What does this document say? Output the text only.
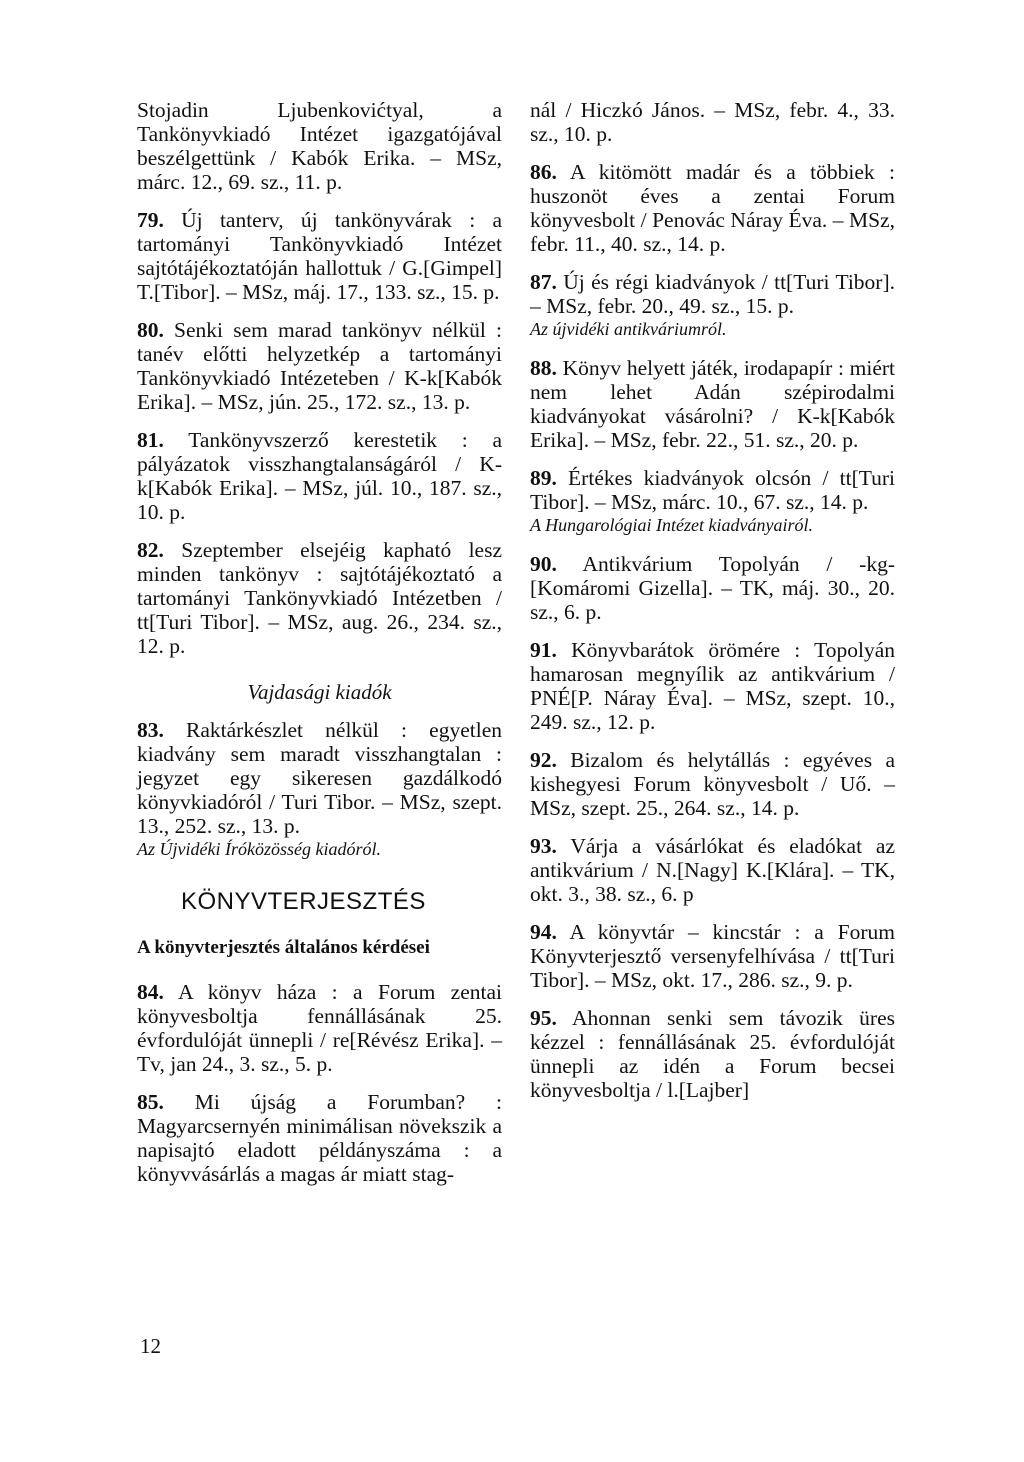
Stojadin Ljubenkovićtyal, a Tankönyvkiadó Intézet igazgatójával beszélgettünk / Kabók Erika. – MSz, márc. 12., 69. sz., 11. p.

79. Új tanterv, új tankönyvárak : a tartományi Tankönyvkiadó Intézet sajtótájékoztatóján hallottuk / G.[Gimpel] T.[Tibor]. – MSz, máj. 17., 133. sz., 15. p.

80. Senki sem marad tankönyv nélkül : tanév előtti helyzetkép a tartományi Tankönyvkiadó Intézeteben / K-k[Kabók Erika]. – MSz, jún. 25., 172. sz., 13. p.

81. Tankönyvszerző kerestetik : a pályázatok visszhangtalanságáról / K-k[Kabók Erika]. – MSz, júl. 10., 187. sz., 10. p.

82. Szeptember elsejéig kapható lesz minden tankönyv : sajtótájékoztató a tartományi Tankönyvkiadó Intézetben / tt[Turi Tibor]. – MSz, aug. 26., 234. sz., 12. p.

Vajdasági kiadók

83. Raktárkészlet nélkül : egyetlen kiadvány sem maradt visszhangtalan : jegyzet egy sikeresen gazdálkodó könyvkiadóról / Turi Tibor. – MSz, szept. 13., 252. sz., 13. p.

Az Újvidéki Íróközösség kiadóról.

KÖNYVTERJESZTÉS
A könyvterjesztés általános kérdései

84. A könyv háza : a Forum zentai könyvesboltja fennállásának 25. évfordulóját ünnepli / re[Révész Erika]. – Tv, jan 24., 3. sz., 5. p.

85. Mi újság a Forumban? : Magyarcsernyén minimálisan növekszik a napisajtó eladott példányszáma : a könyvvásárlás a magas ár miatt stag-

nál / Hiczkó János. – MSz, febr. 4., 33. sz., 10. p.

86. A kitömött madár és a többiek : huszonöt éves a zentai Forum könyvesbolt / Penovác Náray Éva. – MSz, febr. 11., 40. sz., 14. p.

87. Új és régi kiadványok / tt[Turi Tibor]. – MSz, febr. 20., 49. sz., 15. p.

Az újvidéki antikváriumról.

88. Könyv helyett játék, irodapapír : miért nem lehet Adán szépirodalmi kiadványokat vásárolni? / K-k[Kabók Erika]. – MSz, febr. 22., 51. sz., 20. p.

89. Értékes kiadványok olcsón / tt[Turi Tibor]. – MSz, márc. 10., 67. sz., 14. p.

A Hungarológiai Intézet kiadványairól.

90. Antikvárium Topolyán / -kg-[Komáromi Gizella]. – TK, máj. 30., 20. sz., 6. p.

91. Könyvbarátok örömére : Topolyán hamarosan megnyílik az antikvárium / PNÉ[P. Náray Éva]. – MSz, szept. 10., 249. sz., 12. p.

92. Bizalom és helytállás : egyéves a kishegyesi Forum könyvesbolt / Uő. – MSz, szept. 25., 264. sz., 14. p.

93. Várja a vásárlókat és eladókat az antikvárium / N.[Nagy] K.[Klára]. – TK, okt. 3., 38. sz., 6. p

94. A könyvtár – kincstár : a Forum Könyvterjesztő versenyfelhívása / tt[Turi Tibor]. – MSz, okt. 17., 286. sz., 9. p.

95. Ahonnan senki sem távozik üres kézzel : fennállásának 25. évfordulóját ünnepli az idén a Forum becsei könyvesboltja / l.[Lajber]

12
